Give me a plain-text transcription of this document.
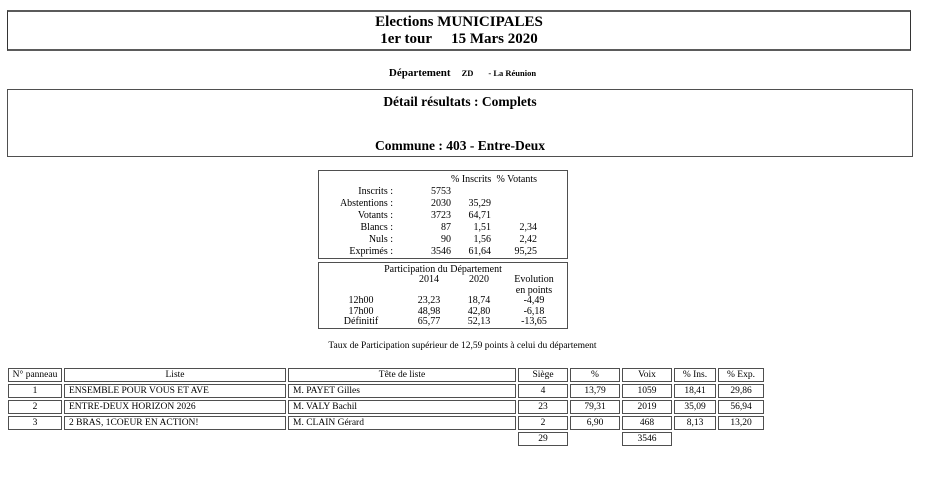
Elections MUNICIPALES
1er tour 15 Mars 2020
Département ZD - La Réunion
Détail résultats : Complets
Commune : 403 - Entre-Deux
% Inscrits % Votants
Inscrits :	5753
Abstentions :	2030	35,29
Votants :	3723	64,71
Blancs :	87	1,51	2,34
Nuls :	90	1,56	2,42
Exprimés :	3546	61,64	95,25
Participation du Département
2014	2020	Evolution
en points
12h00	23,23	18,74	-4,49
17h00	48,98	42,80	-6,18
Définitif	65,77	52,13	-13,65
Taux de Participation supérieur de 12,59 points à celui du département
N° panneau	Liste	Tête de liste	Siège	%	Voix	% Ins.	% Exp.
1	ENSEMBLE POUR VOUS ET AVE	M. PAYET Gilles	4	13,79	1059	18,41	29,86
2	ENTRE-DEUX HORIZON 2026	M. VALY Bachil	23	79,31	2019	35,09	56,94
3	2 BRAS, 1COEUR EN ACTION!	M. CLAIN Gérard	2	6,90	468	8,13	13,20
			29		3546		
